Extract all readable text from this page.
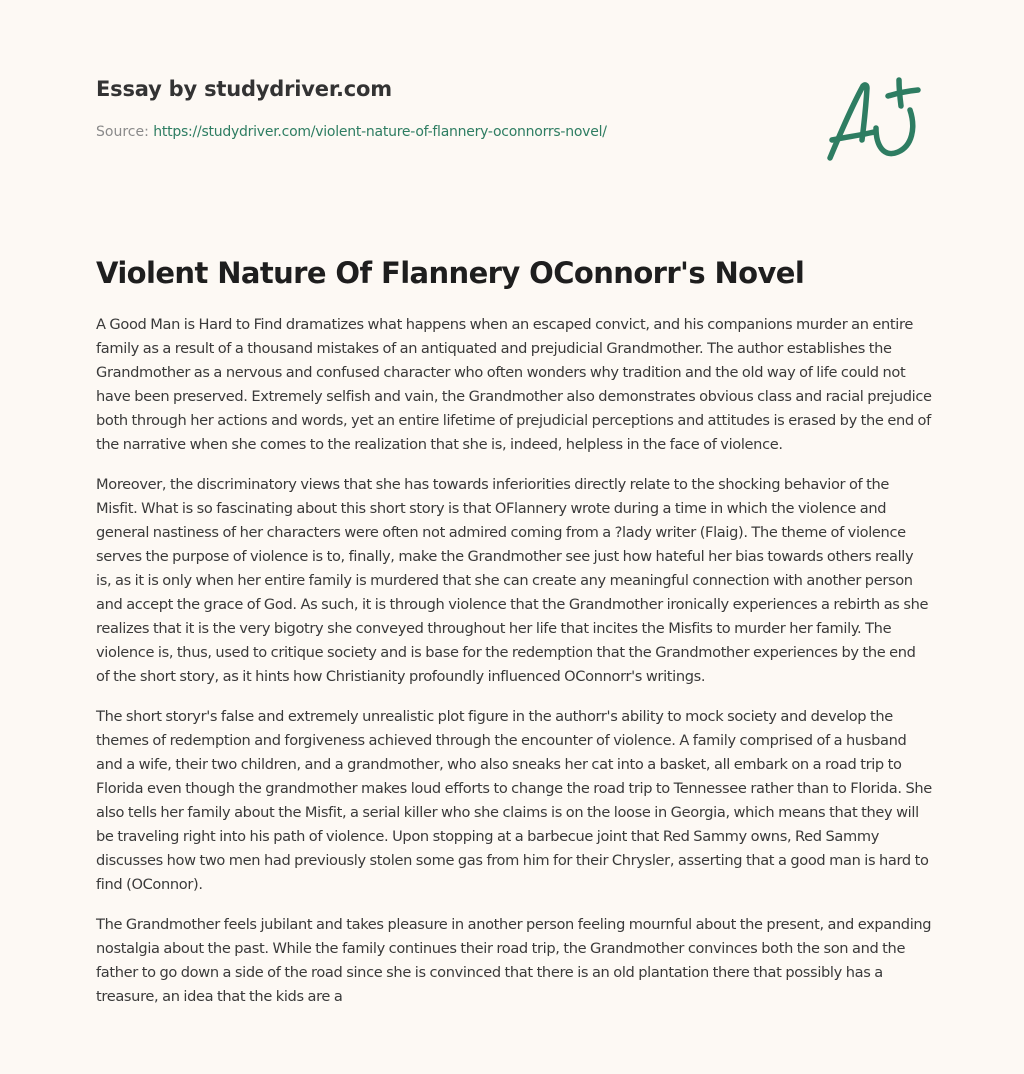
Essay by studydriver.com
Source: https://studydriver.com/violent-nature-of-flannery-oconnorrs-novel/
Violent Nature Of Flannery OConnorr's Novel

A Good Man is Hard to Find dramatizes what happens when an escaped convict, and his companions murder an entire family as a result of a thousand mistakes of an antiquated and prejudicial Grandmother. The author establishes the Grandmother as a nervous and confused character who often wonders why tradition and the old way of life could not have been preserved. Extremely selfish and vain, the Grandmother also demonstrates obvious class and racial prejudice both through her actions and words, yet an entire lifetime of prejudicial perceptions and attitudes is erased by the end of the narrative when she comes to the realization that she is, indeed, helpless in the face of violence.

Moreover, the discriminatory views that she has towards inferiorities directly relate to the shocking behavior of the Misfit. What is so fascinating about this short story is that OFlannery wrote during a time in which the violence and general nastiness of her characters were often not admired coming from a ?lady writer (Flaig). The theme of violence serves the purpose of violence is to, finally, make the Grandmother see just how hateful her bias towards others really is, as it is only when her entire family is murdered that she can create any meaningful connection with another person and accept the grace of God. As such, it is through violence that the Grandmother ironically experiences a rebirth as she realizes that it is the very bigotry she conveyed throughout her life that incites the Misfits to murder her family. The violence is, thus, used to critique society and is base for the redemption that the Grandmother experiences by the end of the short story, as it hints how Christianity profoundly influenced OConnorr's writings.

The short storyr's false and extremely unrealistic plot figure in the authorr's ability to mock society and develop the themes of redemption and forgiveness achieved through the encounter of violence. A family comprised of a husband and a wife, their two children, and a grandmother, who also sneaks her cat into a basket, all embark on a road trip to Florida even though the grandmother makes loud efforts to change the road trip to Tennessee rather than to Florida. She also tells her family about the Misfit, a serial killer who she claims is on the loose in Georgia, which means that they will be traveling right into his path of violence. Upon stopping at a barbecue joint that Red Sammy owns, Red Sammy discusses how two men had previously stolen some gas from him for their Chrysler, asserting that a good man is hard to find (OConnor).

The Grandmother feels jubilant and takes pleasure in another person feeling mournful about the present, and expanding nostalgia about the past. While the family continues their road trip, the Grandmother convinces both the son and the father to go down a side of the road since she is convinced that there is an old plantation there that possibly has a treasure, an idea that the kids are a
